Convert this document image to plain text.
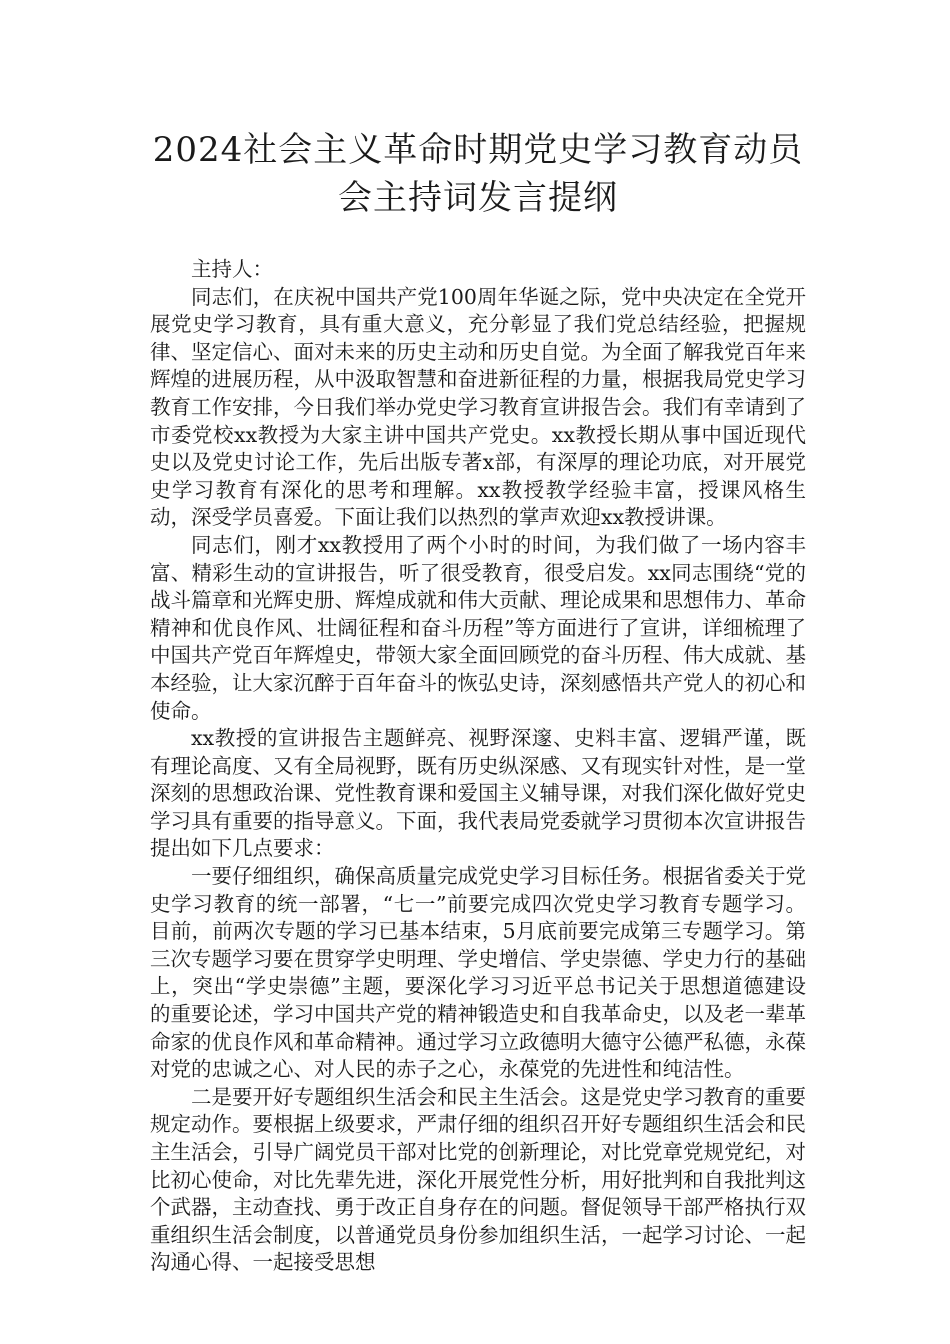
2024社会主义革命时期党史学习教育动员
会主持词发言提纲

主持人：

同志们，在庆祝中国共产党100周年华诞之际，党中央决定在全党开展党史学习教育，具有重大意义，充分彰显了我们党总结经验，把握规律、坚定信心、面对未来的历史主动和历史自觉。为全面了解我党百年来辉煌的进展历程，从中汲取智慧和奋进新征程的力量，根据我局党史学习教育工作安排，今日我们举办党史学习教育宣讲报告会。我们有幸请到了市委党校xx教授为大家主讲中国共产党史。xx教授长期从事中国近现代史以及党史讨论工作，先后出版专著x部，有深厚的理论功底，对开展党史学习教育有深化的思考和理解。xx教授教学经验丰富，授课风格生动，深受学员喜爱。下面让我们以热烈的掌声欢迎xx教授讲课。

同志们，刚才xx教授用了两个小时的时间，为我们做了一场内容丰富、精彩生动的宣讲报告，听了很受教育，很受启发。xx同志围绕“党的战斗篇章和光辉史册、辉煌成就和伟大贡献、理论成果和思想伟力、革命精神和优良作风、壮阔征程和奋斗历程”等方面进行了宣讲，详细梳理了中国共产党百年辉煌史，带领大家全面回顾党的奋斗历程、伟大成就、基本经验，让大家沉醉于百年奋斗的恢弘史诗，深刻感悟共产党人的初心和使命。

xx教授的宣讲报告主题鲜亮、视野深邃、史料丰富、逻辑严谨，既有理论高度、又有全局视野，既有历史纵深感、又有现实针对性，是一堂深刻的思想政治课、党性教育课和爱国主义辅导课，对我们深化做好党史学习具有重要的指导意义。下面，我代表局党委就学习贯彻本次宣讲报告提出如下几点要求：

一要仔细组织，确保高质量完成党史学习目标任务。根据省委关于党史学习教育的统一部署，“七一”前要完成四次党史学习教育专题学习。目前，前两次专题的学习已基本结束，5月底前要完成第三专题学习。第三次专题学习要在贯穿学史明理、学史增信、学史崇德、学史力行的基础上，突出“学史崇德”主题，要深化学习习近平总书记关于思想道德建设的重要论述，学习中国共产党的精神锻造史和自我革命史，以及老一辈革命家的优良作风和革命精神。通过学习立政德明大德守公德严私德，永葆对党的忠诚之心、对人民的赤子之心，永葆党的先进性和纯洁性。

二是要开好专题组织生活会和民主生活会。这是党史学习教育的重要规定动作。要根据上级要求，严肃仔细的组织召开好专题组织生活会和民主生活会，引导广阔党员干部对比党的创新理论，对比党章党规党纪，对比初心使命，对比先辈先进，深化开展党性分析，用好批判和自我批判这个武器，主动查找、勇于改正自身存在的问题。督促领导干部严格执行双重组织生活会制度，以普通党员身份参加组织生活，一起学习讨论、一起沟通心得、一起接受思想
